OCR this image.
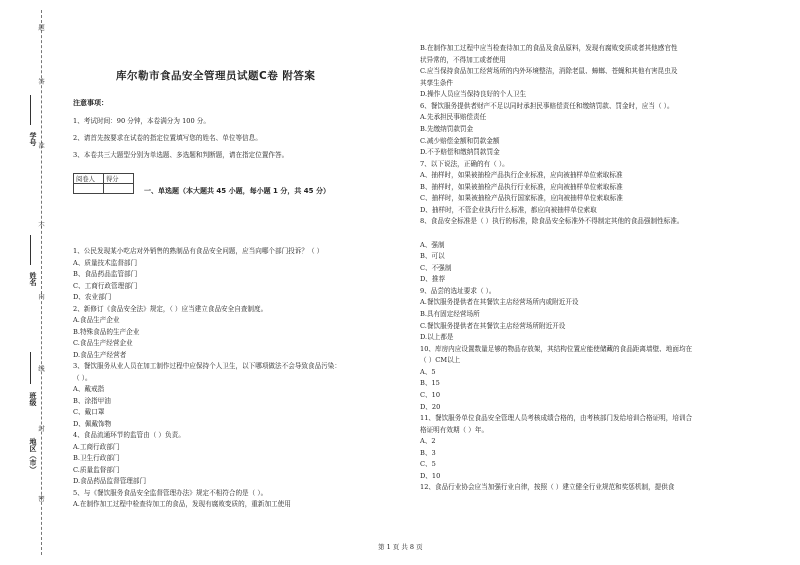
题
答
准
不
内
线
封
密
学号
姓名
班级
地区（市）
库尔勒市食品安全管理员试题C卷 附答案
注意事项：
1、考试时间：90 分钟，本卷满分为 100 分。
2、请首先按要求在试卷的指定位置填写您的姓名、单位等信息。
3、本卷共三大题型分别为单选题、多选题和判断题，请在指定位置作答。
阅卷人	得分

一、单选题（本大题共 45 小题，每小题 1 分，共 45 分）
1、公民发现某小吃店对外销售的熟制品有食品安全问题，应当向哪个部门投诉？（ ）
A、质量技术监督部门
B、食品药品监管部门
C、工商行政管理部门
D、农业部门
2、新修订《食品安全法》规定，（ ）应当建立食品安全自查制度。
A.食品生产企业
B.特殊食品的生产企业
C.食品生产经营企业
D.食品生产经营者
3、餐饮服务从业人员在加工制作过程中应保持个人卫生，以下哪项做法不会导致食品污染：
（ ）。
A、戴戒指
B、涂指甲油
C、戴口罩
D、佩戴饰物
4、食品流通环节的监管由（ ）负责。
A.工商行政部门
B.卫生行政部门
C.质量监督部门
D.食品药品监督管理部门
5、与《餐饮服务食品安全监督管理办法》规定不相符合的是（ ）。
A.在制作加工过程中检查待加工的食品，发现有腐败变质的，重新加工使用
B.在制作加工过程中应当检查待加工的食品及食品原料，发现有腐败变质或者其他感官性
状异常的，不得加工或者使用
C.应当保持食品加工经营场所的内外环境整洁，消除老鼠、蟑螂、苍蝇和其他有害昆虫及
其孳生条件
D.操作人员应当保持良好的个人卫生
6、餐饮服务提供者财产不足以同时承担民事赔偿责任和缴纳罚款、罚金时，应当（ ）。
A.先承担民事赔偿责任
B.先缴纳罚款罚金
C.减少赔偿金额和罚款金额
D.不予赔偿和缴纳罚款罚金
7、以下说法，正确的有（ ）。
A、抽样时，如果被抽检产品执行企业标准，应向被抽样单位索取标准
B、抽样时，如果被抽检产品执行行业标准，应向被抽样单位索取标准
C、抽样时，如果被抽检产品执行国家标准，应向被抽样单位索取标准
D、抽样时，不管企业执行什么标准，都应向被抽样单位索取
8、食品安全标准是（ ）执行的标准，除食品安全标准外不得制定其他的食品强制性标准。
A、强制
B、可以
C、不强制
D、推荐
9、品尝的选址要求（ ）。
A.餐饮服务提供者在其餐饮主店经营场所内或附近开设
B.具有固定经营场所
C.餐饮服务提供者在其餐饮主店经营场所附近开设
D.以上都是
10、库房内应设置数量足够的物品存放架，其结构位置应能使储藏的食品距离墙壁、地面均在
（ ）CM以上
A、5
B、15
C、10
D、20
11、餐饮服务单位食品安全管理人员考核成绩合格的，由考核部门发给培训合格证明，培训合
格证明有效期（ ）年。
A、2
B、3
C、5
D、10
12、食品行业协会应当加强行业自律，按照（ ）建立健全行业规范和奖惩机制，提供食
第 1 页 共 8 页
